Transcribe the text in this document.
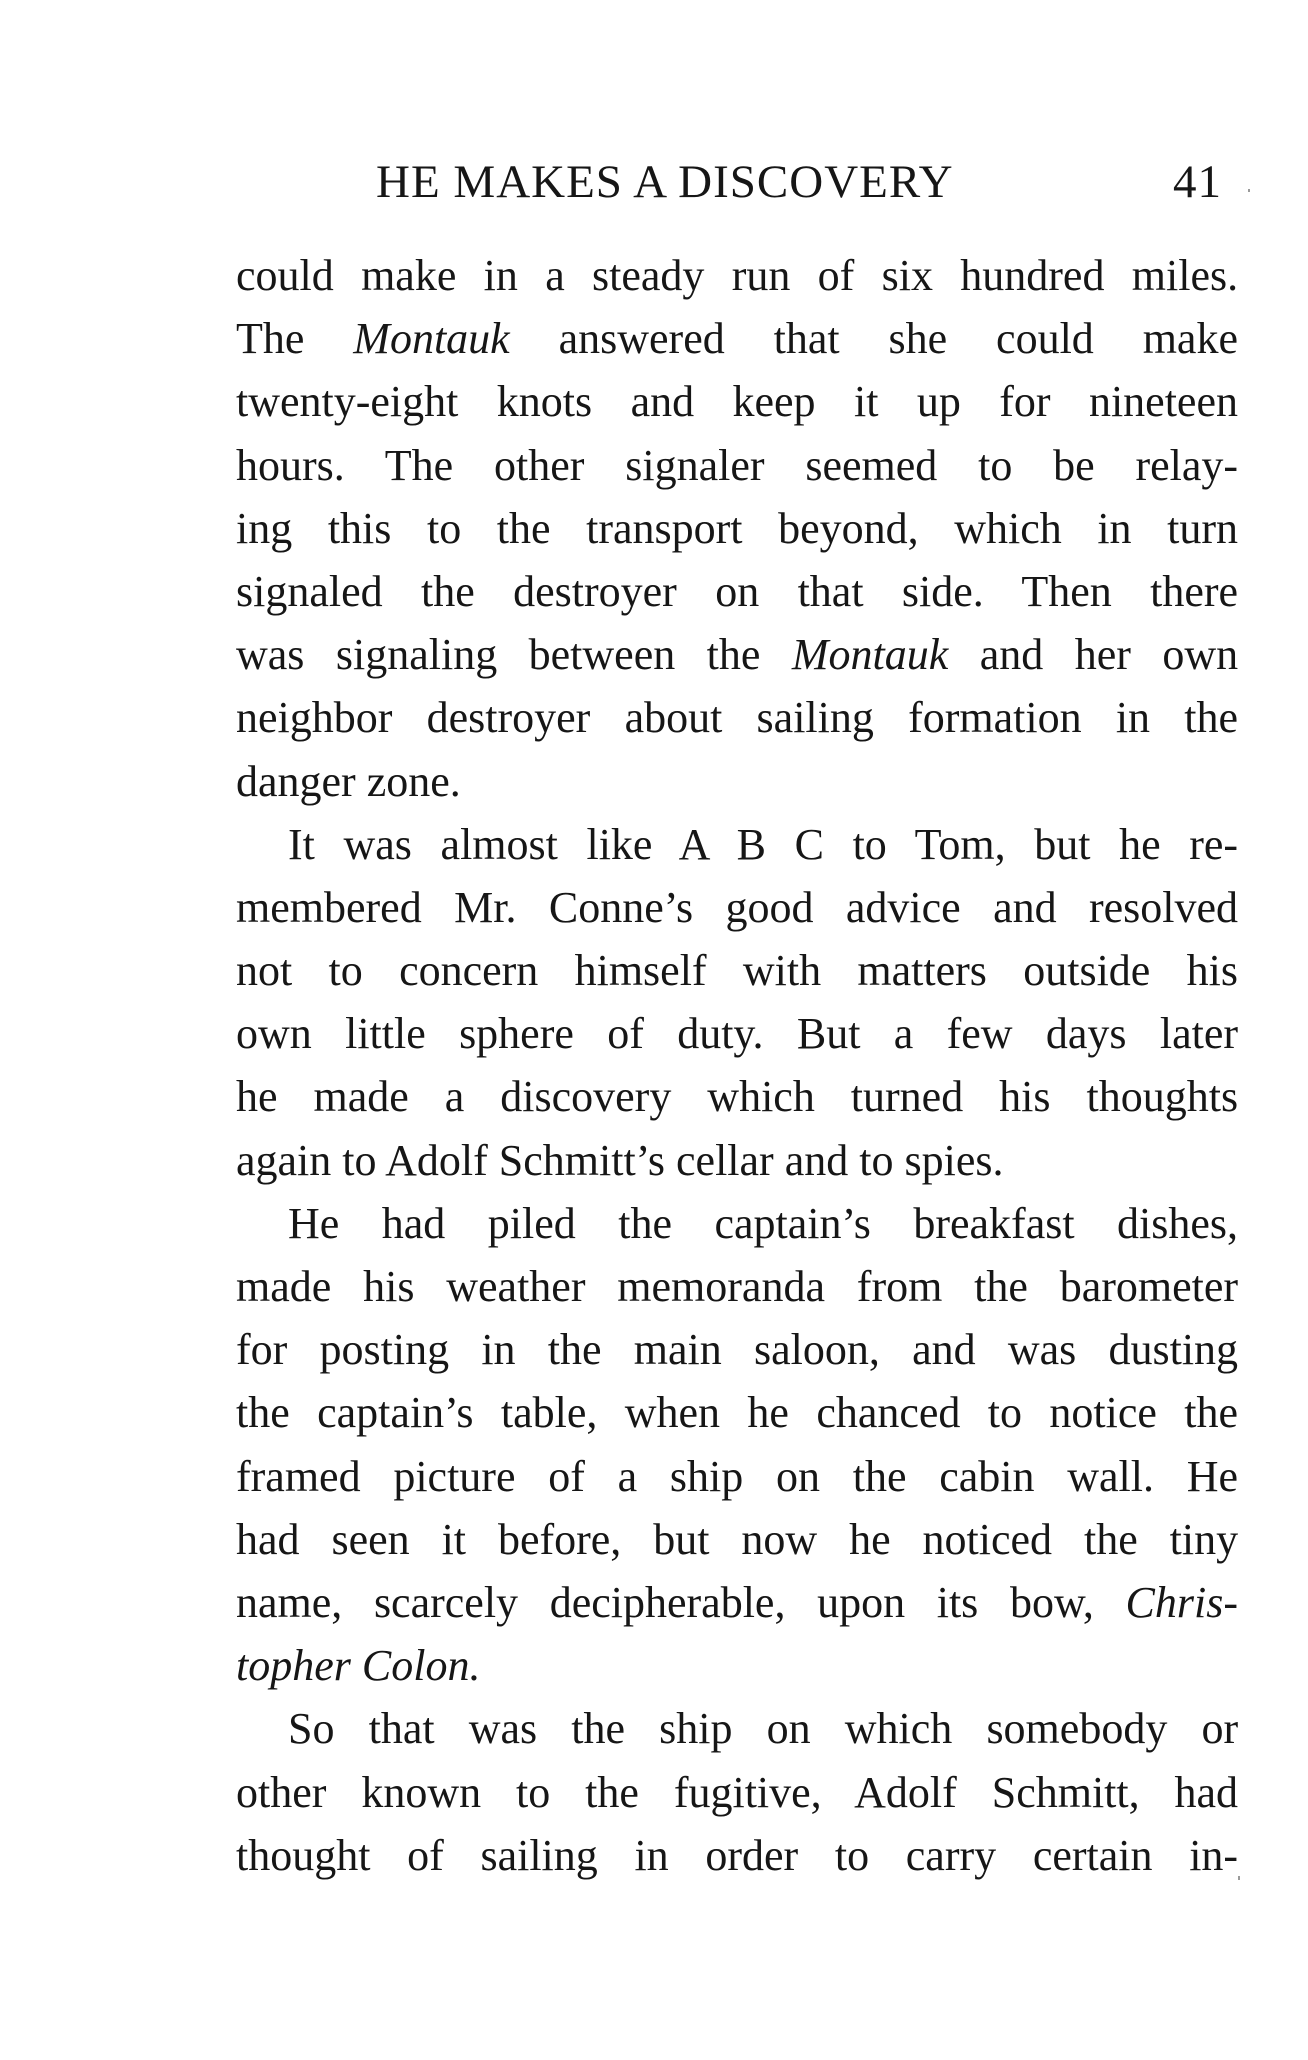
HE MAKES A DISCOVERY	41
could make in a steady run of six hundred miles.
The Montauk answered that she could make
twenty-eight knots and keep it up for nineteen
hours. The other signaler seemed to be relay-
ing this to the transport beyond, which in turn
signaled the destroyer on that side. Then there
was signaling between the Montauk and her own
neighbor destroyer about sailing formation in the
danger zone.
It was almost like A B C to Tom, but he re-
membered Mr. Conne’s good advice and resolved
not to concern himself with matters outside his
own little sphere of duty. But a few days later
he made a discovery which turned his thoughts
again to Adolf Schmitt’s cellar and to spies.
He had piled the captain’s breakfast dishes,
made his weather memoranda from the barometer
for posting in the main saloon, and was dusting
the captain’s table, when he chanced to notice the
framed picture of a ship on the cabin wall. He
had seen it before, but now he noticed the tiny
name, scarcely decipherable, upon its bow, Chris-
topher Colon.
So that was the ship on which somebody or
other known to the fugitive, Adolf Schmitt, had
thought of sailing in order to carry certain in-
